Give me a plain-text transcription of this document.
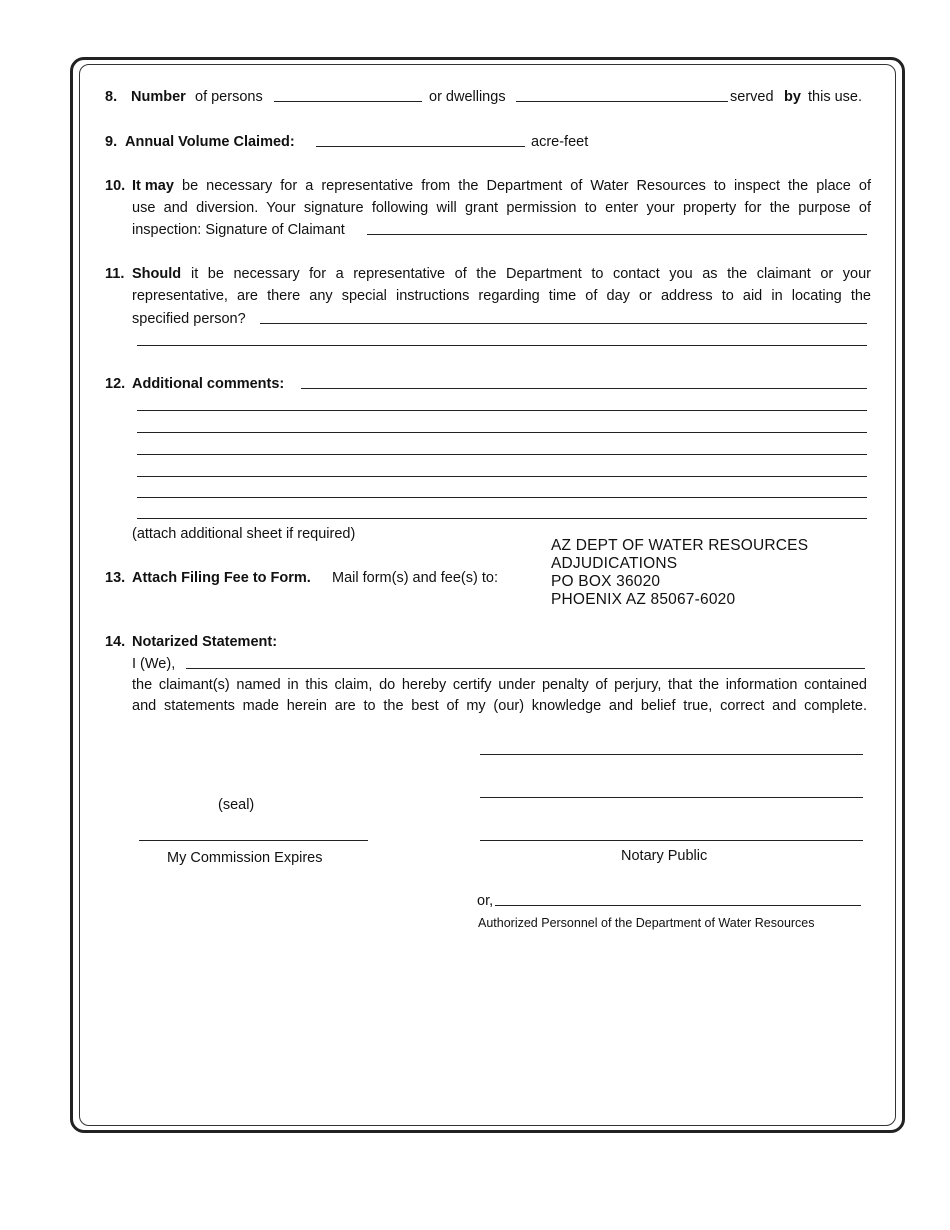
8. Number of persons	or dwellings	served by this use.
9. Annual Volume Claimed:	acre-feet
10. It may be necessary for a representative from the Department of Water Resources to inspect the place of
use and diversion. Your signature following will grant permission to enter your property for the purpose of
inspection: Signature of Claimant
11. Should it be necessary for a representative of the Department to contact you as the claimant or your
representative, are there any special instructions regarding time of day or address to aid in locating the
specified person?
12. Additional comments:
(attach additional sheet if required)
13. Attach Filing Fee to Form. Mail form(s) and fee(s) to:
AZ DEPT OF WATER RESOURCES
ADJUDICATIONS
PO BOX 36020
PHOENIX AZ 85067-6020
14. Notarized Statement:
I (We),
the claimant(s) named in this claim, do hereby certify under penalty of perjury, that the information contained
and statements made herein are to the best of my (our) knowledge and belief true, correct and complete.
(seal)
My Commission Expires	Notary Public
or,
Authorized Personnel of the Department of Water Resources
